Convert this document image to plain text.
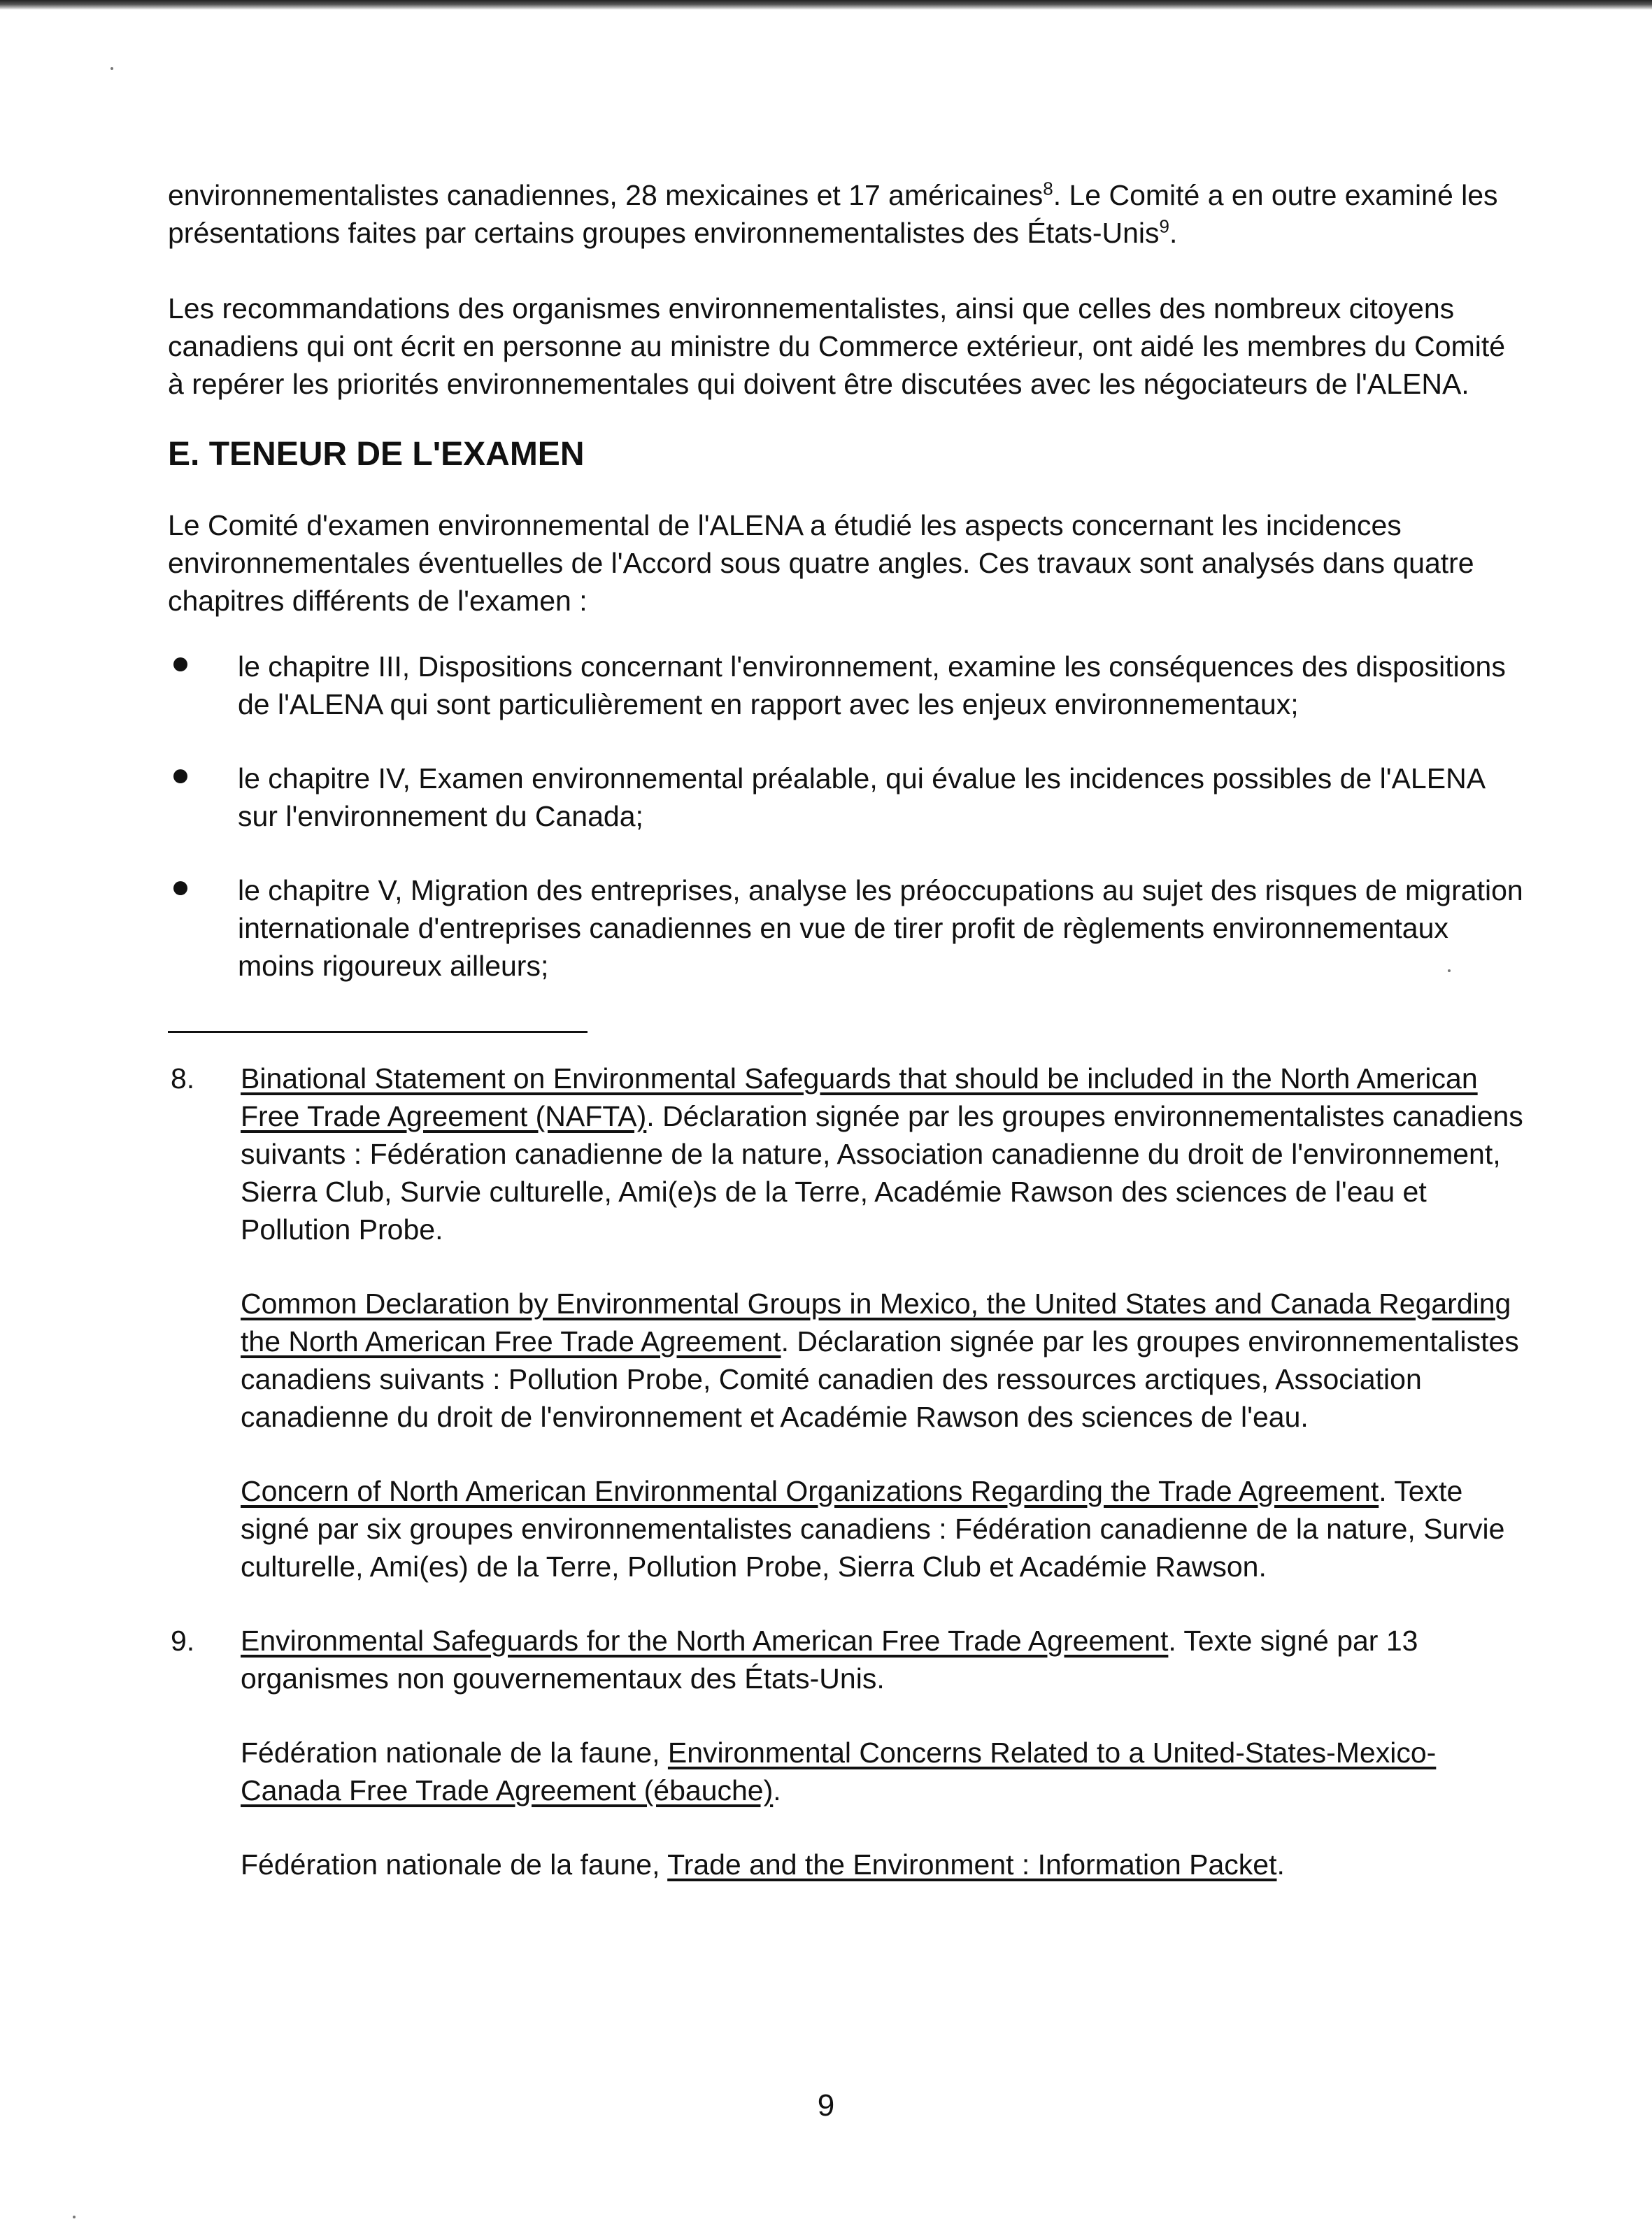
environnementalistes canadiennes, 28 mexicaines et 17 américaines$^8$. Le Comité a en outre examiné les présentations faites par certains groupes environnementalistes des États-Unis$^9$.

Les recommandations des organismes environnementalistes, ainsi que celles des nombreux citoyens canadiens qui ont écrit en personne au ministre du Commerce extérieur, ont aidé les membres du Comité à repérer les priorités environnementales qui doivent être discutées avec les négociateurs de l'ALENA.

E. TENEUR DE L'EXAMEN

Le Comité d'examen environnemental de l'ALENA a étudié les aspects concernant les incidences environnementales éventuelles de l'Accord sous quatre angles. Ces travaux sont analysés dans quatre chapitres différents de l'examen :

le chapitre III, Dispositions concernant l'environnement, examine les conséquences des dispositions de l'ALENA qui sont particulièrement en rapport avec les enjeux environnementaux;
le chapitre IV, Examen environnemental préalable, qui évalue les incidences possibles de l'ALENA sur l'environnement du Canada;
le chapitre V, Migration des entreprises, analyse les préoccupations au sujet des risques de migration internationale d'entreprises canadiennes en vue de tirer profit de règlements environnementaux moins rigoureux ailleurs;
8. Binational Statement on Environmental Safeguards that should be included in the North American Free Trade Agreement (NAFTA). Déclaration signée par les groupes environnementalistes canadiens suivants : Fédération canadienne de la nature, Association canadienne du droit de l'environnement, Sierra Club, Survie culturelle, Ami(e)s de la Terre, Académie Rawson des sciences de l'eau et Pollution Probe.

Common Declaration by Environmental Groups in Mexico, the United States and Canada Regarding the North American Free Trade Agreement. Déclaration signée par les groupes environnementalistes canadiens suivants : Pollution Probe, Comité canadien des ressources arctiques, Association canadienne du droit de l'environnement et Académie Rawson des sciences de l'eau.

Concern of North American Environmental Organizations Regarding the Trade Agreement. Texte signé par six groupes environnementalistes canadiens : Fédération canadienne de la nature, Survie culturelle, Ami(es) de la Terre, Pollution Probe, Sierra Club et Académie Rawson.

9. Environmental Safeguards for the North American Free Trade Agreement. Texte signé par 13 organismes non gouvernementaux des États-Unis.

Fédération nationale de la faune, Environmental Concerns Related to a United-States-Mexico-Canada Free Trade Agreement (ébauche).

Fédération nationale de la faune, Trade and the Environment : Information Packet.

9
